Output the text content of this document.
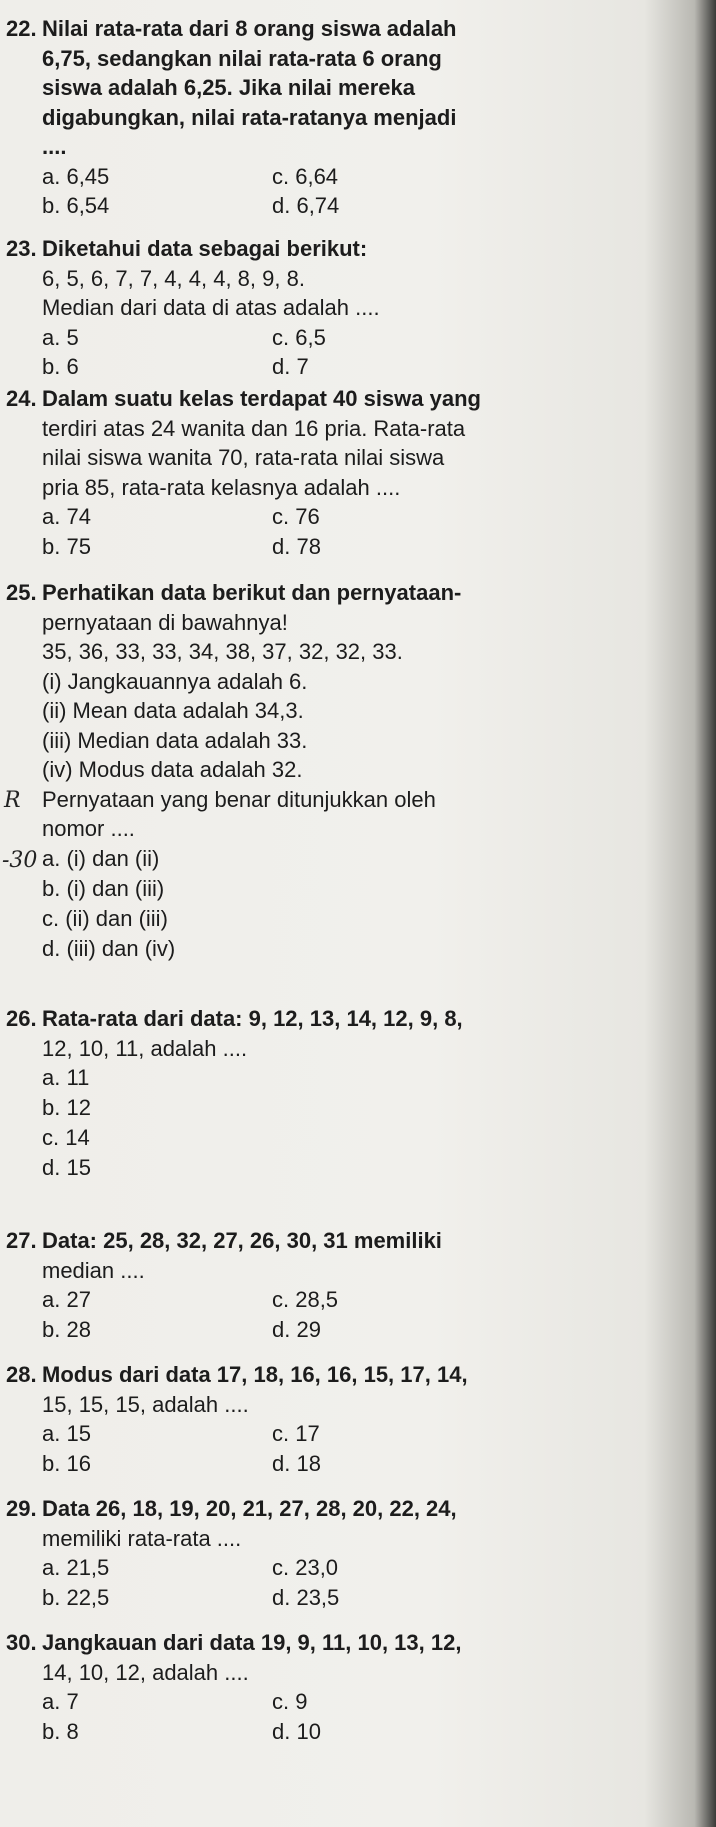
22. Nilai rata-rata dari 8 orang siswa adalah
6,75, sedangkan nilai rata-rata 6 orang
siswa adalah 6,25. Jika nilai mereka
digabungkan, nilai rata-ratanya menjadi
....
a. 6,45	c. 6,64
b. 6,54	d. 6,74
23. Diketahui data sebagai berikut:
6, 5, 6, 7, 7, 4, 4, 4, 8, 9, 8.
Median dari data di atas adalah ....
a. 5	c. 6,5
b. 6	d. 7
24. Dalam suatu kelas terdapat 40 siswa yang
terdiri atas 24 wanita dan 16 pria. Rata-rata
nilai siswa wanita 70, rata-rata nilai siswa
pria 85, rata-rata kelasnya adalah ....
a. 74	c. 76
b. 75	d. 78
25. Perhatikan data berikut dan pernyataan-
pernyataan di bawahnya!
35, 36, 33, 33, 34, 38, 37, 32, 32, 33.
(i) Jangkauannya adalah 6.
(ii) Mean data adalah 34,3.
(iii) Median data adalah 33.
(iv) Modus data adalah 32.
Pernyataan yang benar ditunjukkan oleh
nomor ....
a. (i) dan (ii)
b. (i) dan (iii)
c. (ii) dan (iii)
d. (iii) dan (iv)
R
-30
26. Rata-rata dari data: 9, 12, 13, 14, 12, 9, 8,
12, 10, 11, adalah ....
a. 11
b. 12
c. 14
d. 15
27. Data: 25, 28, 32, 27, 26, 30, 31 memiliki
median ....
a. 27	c. 28,5
b. 28	d. 29
28. Modus dari data 17, 18, 16, 16, 15, 17, 14,
15, 15, 15, adalah ....
a. 15	c. 17
b. 16	d. 18
29. Data 26, 18, 19, 20, 21, 27, 28, 20, 22, 24,
memiliki rata-rata ....
a. 21,5	c. 23,0
b. 22,5	d. 23,5
30. Jangkauan dari data 19, 9, 11, 10, 13, 12,
14, 10, 12, adalah ....
a. 7	c. 9
b. 8	d. 10
